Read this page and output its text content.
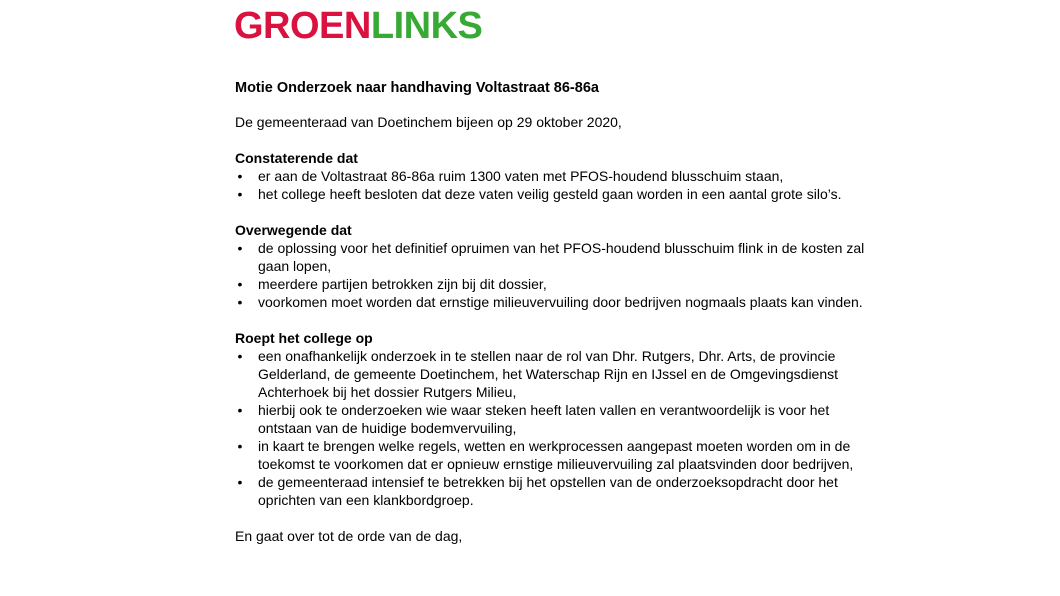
GROENLINKS

Motie Onderzoek naar handhaving Voltastraat 86-86a

De gemeenteraad van Doetinchem bijeen op 29 oktober 2020,

Constaterende dat

• er aan de Voltastraat 86-86a ruim 1300 vaten met PFOS-houdend blusschuim staan,
• het college heeft besloten dat deze vaten veilig gesteld gaan worden in een aantal grote silo’s.

Overwegende dat

• de oplossing voor het definitief opruimen van het PFOS-houdend blusschuim flink in de kosten zal gaan lopen,
• meerdere partijen betrokken zijn bij dit dossier,
• voorkomen moet worden dat ernstige milieuvervuiling door bedrijven nogmaals plaats kan vinden.

Roept het college op

• een onafhankelijk onderzoek in te stellen naar de rol van Dhr. Rutgers, Dhr. Arts, de provincie Gelderland, de gemeente Doetinchem, het Waterschap Rijn en IJssel en de Omgevingsdienst Achterhoek bij het dossier Rutgers Milieu,
• hierbij ook te onderzoeken wie waar steken heeft laten vallen en verantwoordelijk is voor het ontstaan van de huidige bodemvervuiling,
• in kaart te brengen welke regels, wetten en werkprocessen aangepast moeten worden om in de toekomst te voorkomen dat er opnieuw ernstige milieuvervuiling zal plaatsvinden door bedrijven,
• de gemeenteraad intensief te betrekken bij het opstellen van de onderzoeksopdracht door het oprichten van een klankbordgroep.

En gaat over tot de orde van de dag,
